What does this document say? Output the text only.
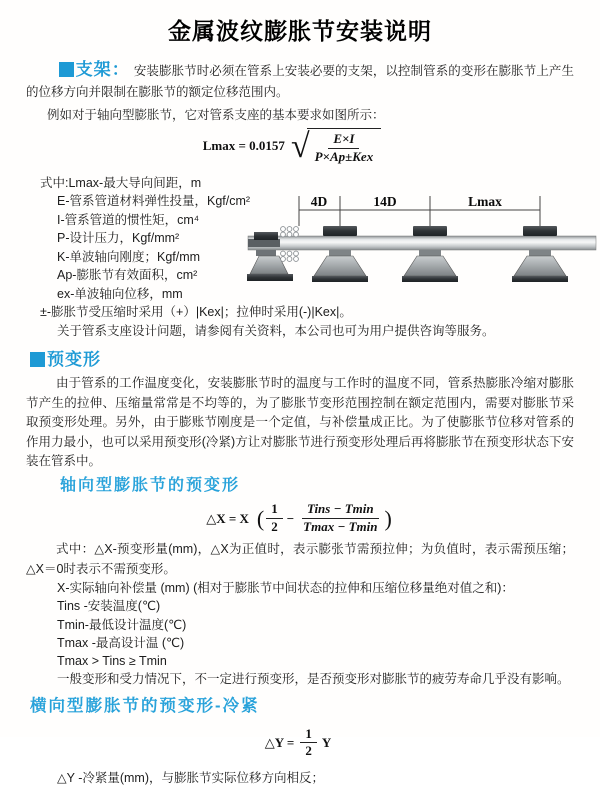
金属波纹膨胀节安装说明

支架： 安装膨胀节时必须在管系上安装必要的支架，以控制管系的变形在膨胀节上产生的位移方向并限制在膨胀节的额定位移范围内。

例如对于轴向型膨胀节，它对管系支座的基本要求如图所示：

Lmax = 0.0157 √ $\frac{E\times I}{\text{P×Ap±Kex}}$
式中:Lmax-最大导向间距，m
E-管系管道材料弹性投量，Kgf/cm²
I-管系管道的惯性矩，cm⁴
P-设计压力，Kgf/mm²
K-单波轴向刚度；Kgf/mm
Ap-膨胀节有效面积，cm²
ex-单波轴向位移，mm
±-膨胀节受压缩时采用（+）|Kex|；拉伸时采用(-)|Kex|。
关于管系支座设计问题，请参阅有关资料，本公司也可为用户提供咨询等服务。
4D	14D	Lmax
预变形

由于管系的工作温度变化，安装膨胀节时的温度与工作时的温度不同，管系热膨胀冷缩对膨胀节产生的拉伸、压缩量常常是不均等的，为了膨胀节变形范围控制在额定范围内，需要对膨胀节采取预变形处理。另外，由于膨账节刚度是一个定值，与补偿量成正比。为了使膨胀节位移对管系的作用力最小，也可以采用预变形(冷紧)方让对膨胀节进行预变形处理后再将膨胀节在预变形状态下安装在管系中。

轴向型膨胀节的预变形
△X = X ( $\frac{1}{2} - \frac{\text{Tins − Tmin}}{Tmax - Tmin}$ )

式中：△X-预变形量(mm)，△X为正值时，表示膨张节需预拉伸；为负值时，表示需预压缩；△X＝0时表示不需预变形。

X-实际轴向补偿量 (mm) (相对于膨胀节中间状态的拉伸和压缩位移量绝对值之和)：
Tins -安装温度(℃)
Tmin-最低设计温度(℃)
Tmax -最高设计温 (℃)
Tmax > Tins ≥ Tmin
一般变形和受力情况下，不一定进行预变形，是否预变形对膨胀节的疲劳寿命几乎没有影响。
横向型膨胀节的预变形-冷紧
△Y = $\frac{1}{2}$ Y

△Y -冷紧量(mm)，与膨胀节实际位移方向相反；
